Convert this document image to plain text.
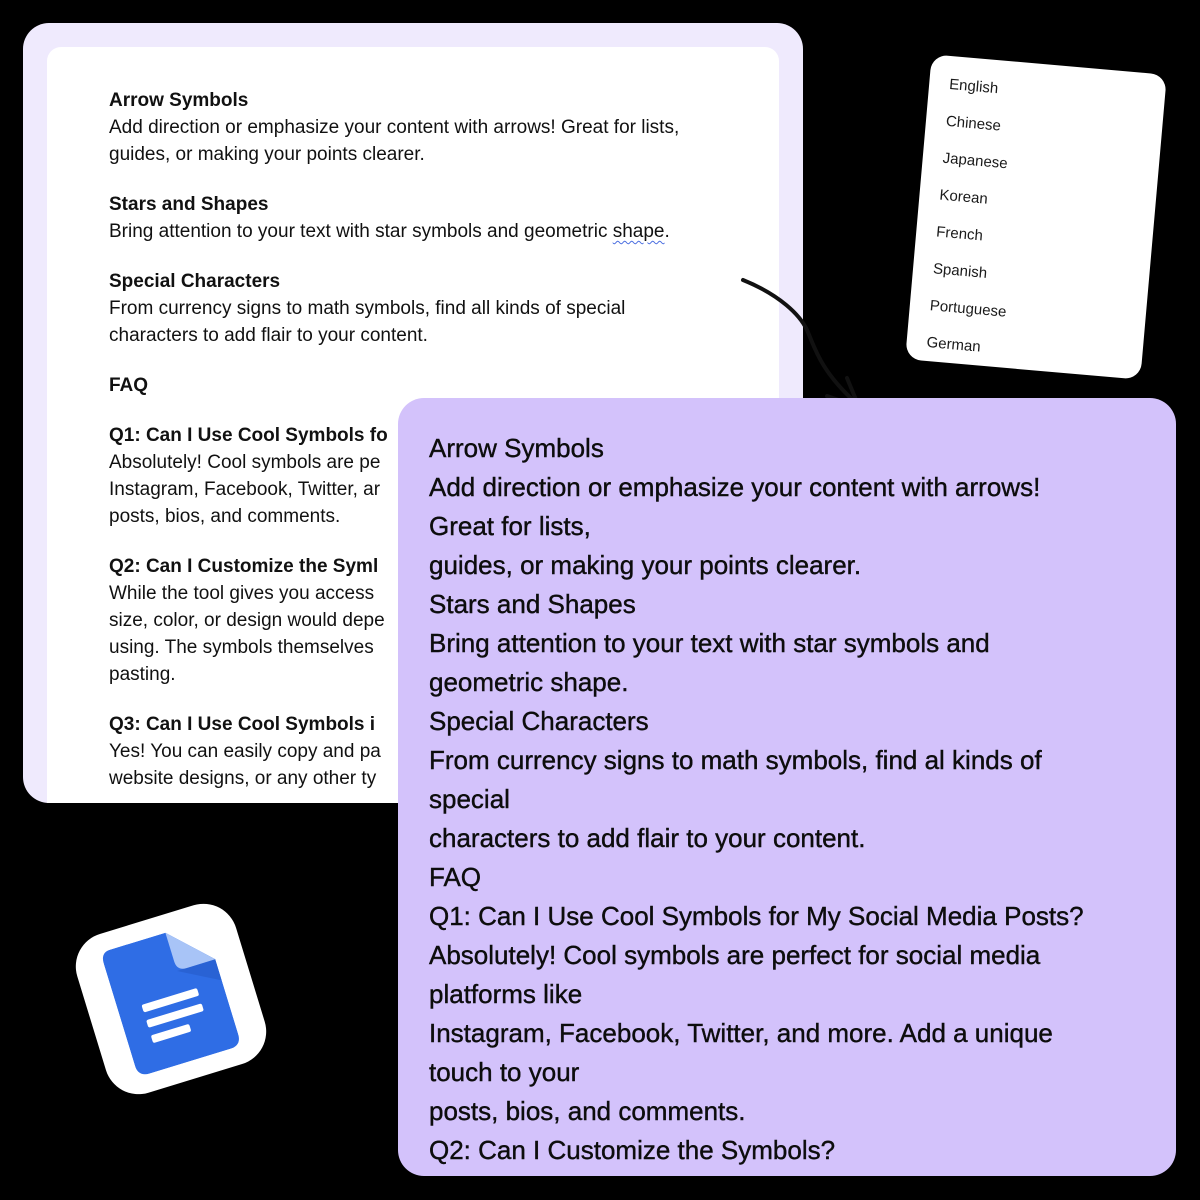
Arrow Symbols
Add direction or emphasize your content with arrows! Great for lists,
guides, or making your points clearer.
Stars and Shapes
Bring attention to your text with star symbols and geometric shape.
Special Characters
From currency signs to math symbols, find all kinds of special
characters to add flair to your content.
FAQ
Q1: Can I Use Cool Symbols fo
Absolutely! Cool symbols are pe
Instagram, Facebook, Twitter, ar
posts, bios, and comments.
Q2: Can I Customize the Syml
While the tool gives you access
size, color, or design would depe
using. The symbols themselves
pasting.
Q3: Can I Use Cool Symbols i
Yes! You can easily copy and pa
website designs, or any other ty
English
Chinese
Japanese
Korean
French
Spanish
Portuguese
German
Arrow Symbols
Add direction or emphasize your content with arrows!
Great for lists,
guides, or making your points clearer.
Stars and Shapes
Bring attention to your text with star symbols and
geometric shape.
Special Characters
From currency signs to math symbols, find al kinds of
special
characters to add flair to your content.
FAQ
Q1: Can I Use Cool Symbols for My Social Media Posts?
Absolutely! Cool symbols are perfect for social media
platforms like
Instagram, Facebook, Twitter, and more. Add a unique
touch to your
posts, bios, and comments.
Q2: Can I Customize the Symbols?
